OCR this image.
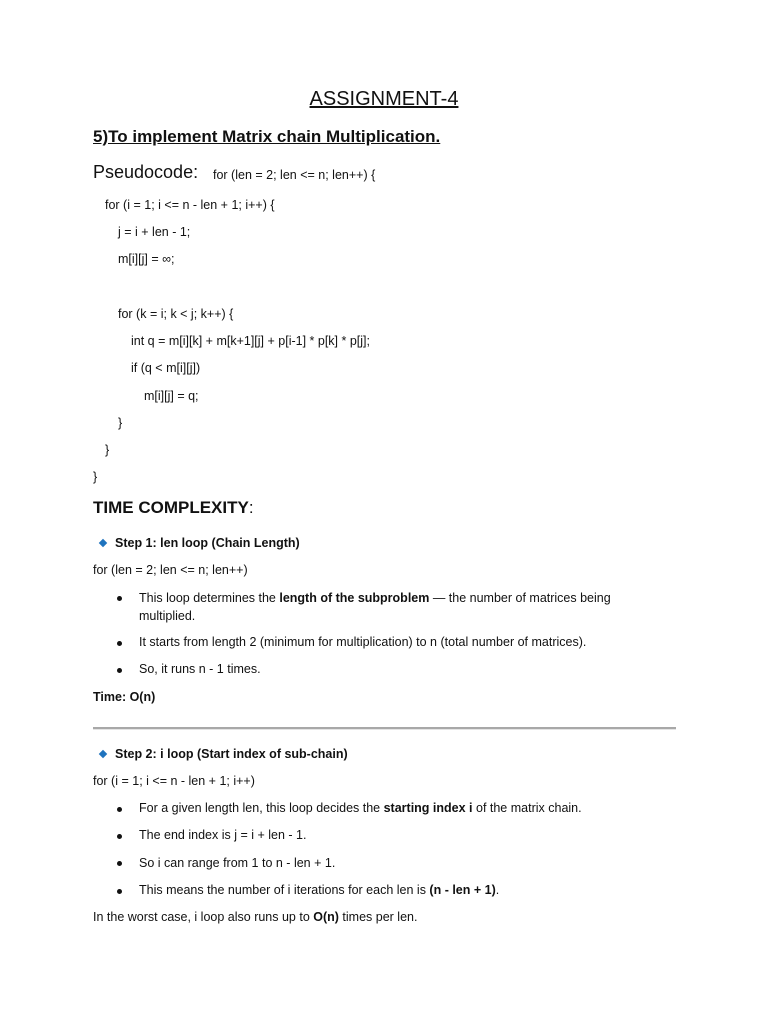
ASSIGNMENT-4
5)To implement Matrix chain Multiplication.
Pseudocode: for (len = 2; len <= n; len++) {
for (i = 1; i <= n - len + 1; i++) {
j = i + len - 1;
m[i][j] = ∞;
for (k = i; k < j; k++) {
int q = m[i][k] + m[k+1][j] + p[i-1] * p[k] * p[j];
if (q < m[i][j])
m[i][j] = q;
}
}
}
TIME COMPLEXITY:
Step 1: len loop (Chain Length)
for (len = 2; len <= n; len++)
This loop determines the length of the subproblem — the number of matrices being multiplied.
It starts from length 2 (minimum for multiplication) to n (total number of matrices).
So, it runs n - 1 times.
Time: O(n)
Step 2: i loop (Start index of sub-chain)
for (i = 1; i <= n - len + 1; i++)
For a given length len, this loop decides the starting index i of the matrix chain.
The end index is j = i + len - 1.
So i can range from 1 to n - len + 1.
This means the number of i iterations for each len is (n - len + 1).
In the worst case, i loop also runs up to O(n) times per len.
